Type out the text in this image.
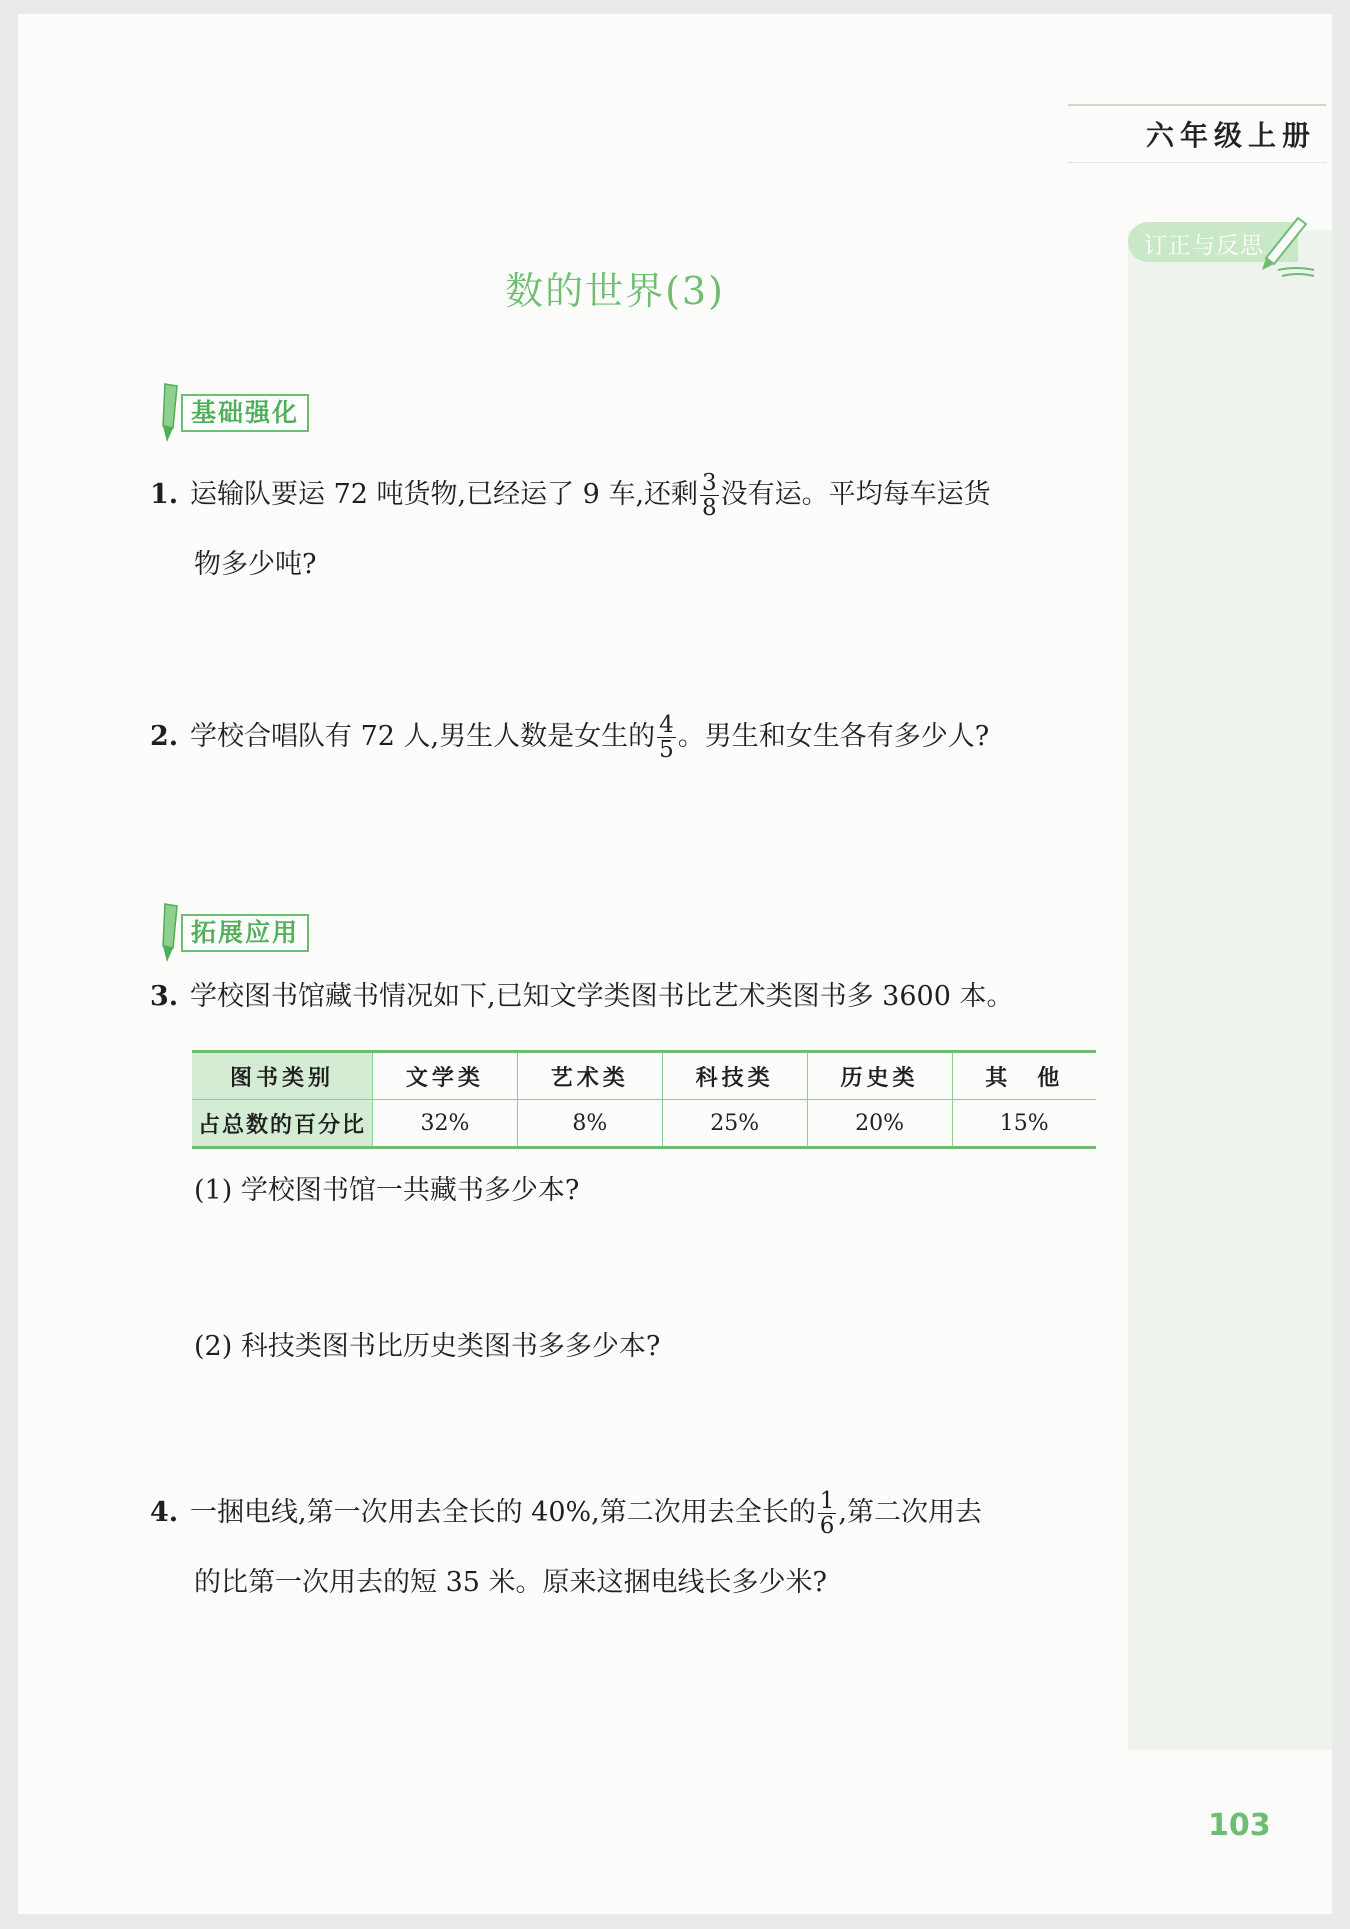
六年级上册
订正与反思
数的世界(3)
基础强化
1. 运输队要运 72 吨货物,已经运了 9 车,还剩 $\frac{3}{8}$ 没有运。平均每车运货
物多少吨?
2. 学校合唱队有 72 人,男生人数是女生的 $\frac{4}{5}$ 。男生和女生各有多少人?
拓展应用
3. 学校图书馆藏书情况如下,已知文学类图书比艺术类图书多 3600 本。
图书类别	文学类	艺术类	科技类	历史类	其　他
占总数的百分比	32%	8%	25%	20%	15%
(1) 学校图书馆一共藏书多少本?
(2) 科技类图书比历史类图书多多少本?
4. 一捆电线,第一次用去全长的 40%,第二次用去全长的 $\frac{1}{6}$ ,第二次用去
的比第一次用去的短 35 米。原来这捆电线长多少米?
103
